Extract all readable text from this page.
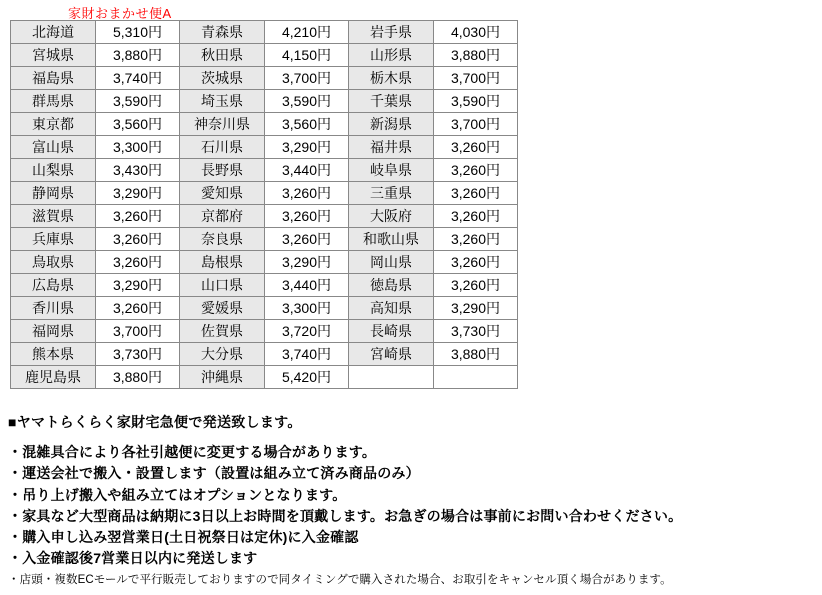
家財おまかせ便A
北海道	5,310円	青森県	4,210円	岩手県	4,030円
宮城県	3,880円	秋田県	4,150円	山形県	3,880円
福島県	3,740円	茨城県	3,700円	栃木県	3,700円
群馬県	3,590円	埼玉県	3,590円	千葉県	3,590円
東京都	3,560円	神奈川県	3,560円	新潟県	3,700円
富山県	3,300円	石川県	3,290円	福井県	3,260円
山梨県	3,430円	長野県	3,440円	岐阜県	3,260円
静岡県	3,290円	愛知県	3,260円	三重県	3,260円
滋賀県	3,260円	京都府	3,260円	大阪府	3,260円
兵庫県	3,260円	奈良県	3,260円	和歌山県	3,260円
鳥取県	3,260円	島根県	3,290円	岡山県	3,260円
広島県	3,290円	山口県	3,440円	徳島県	3,260円
香川県	3,260円	愛媛県	3,300円	高知県	3,290円
福岡県	3,700円	佐賀県	3,720円	長崎県	3,730円
熊本県	3,730円	大分県	3,740円	宮崎県	3,880円
鹿児島県	3,880円	沖縄県	5,420円		
■ヤマトらくらく家財宅急便で発送致します。
・混雑具合により各社引越便に変更する場合があります。
・運送会社で搬入・設置します（設置は組み立て済み商品のみ）
・吊り上げ搬入や組み立てはオプションとなります。
・家具など大型商品は納期に3日以上お時間を頂戴します。お急ぎの場合は事前にお問い合わせください。
・購入申し込み翌営業日(土日祝祭日は定休)に入金確認
・入金確認後7営業日以内に発送します
・店頭・複数ECモールで平行販売しておりますので同タイミングで購入された場合、お取引をキャンセル頂く場合があります。
